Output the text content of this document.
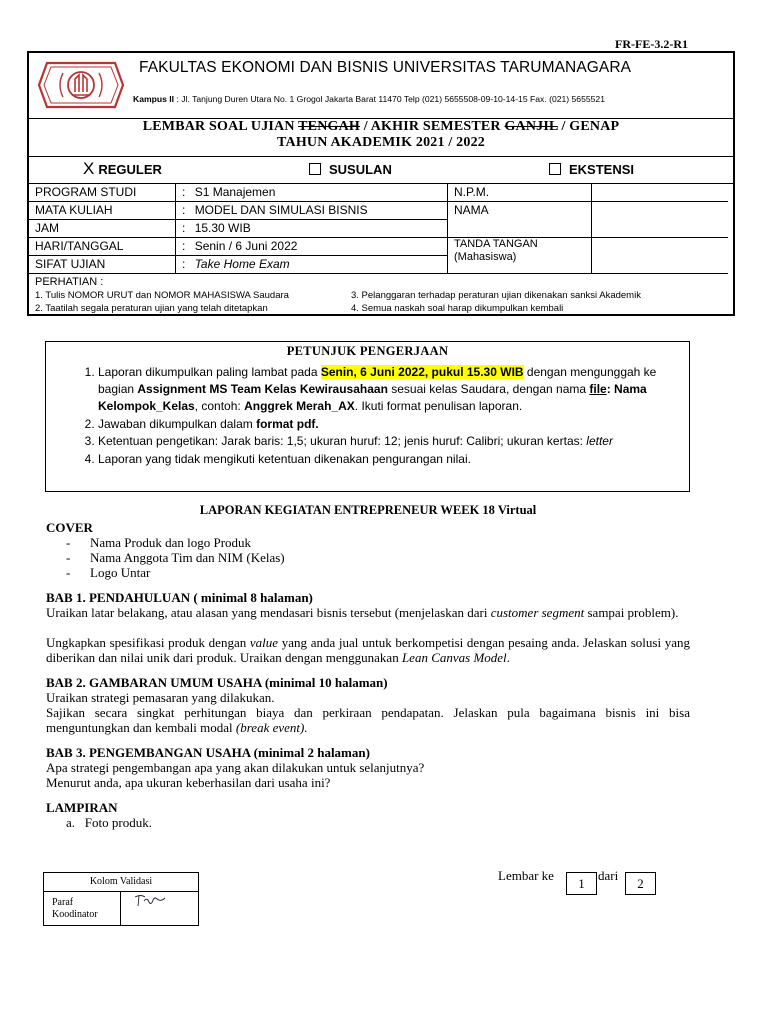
FR-FE-3.2-R1
FAKULTAS EKONOMI DAN BISNIS UNIVERSITAS TARUMANAGARA
Kampus II : Jl. Tanjung Duren Utara No. 1 Grogol Jakarta Barat 11470 Telp (021) 5655508-09-10-14-15 Fax. (021) 5655521
LEMBAR SOAL UJIAN TENGAH / AKHIR SEMESTER GANJIL / GENAP
TAHUN AKADEMIK 2021 / 2022
X REGULER	SUSULAN	EKSTENSI
PROGRAM STUDI	: S1 Manajemen	N.P.M.	
MATA KULIAH	: MODEL DAN SIMULASI BISNIS	NAMA	
JAM	: 15.30 WIB		
HARI/TANGGAL	: Senin / 6 Juni 2022	TANDA TANGAN
(Mahasiswa)	
SIFAT UJIAN	: Take Home Exam		
PERHATIAN :
1. Tulis NOMOR URUT dan NOMOR MAHASISWA Saudara
2. Taatilah segala peraturan ujian yang telah ditetapkan
3. Pelanggaran terhadap peraturan ujian dikenakan sanksi Akademik
4. Semua naskah soal harap dikumpulkan kembali
PETUNJUK PENGERJAAN
1. Laporan dikumpulkan paling lambat pada Senin, 6 Juni 2022, pukul 15.30 WIB dengan mengunggah ke bagian Assignment MS Team Kelas Kewirausahaan sesuai kelas Saudara, dengan nama file: Nama Kelompok_Kelas, contoh: Anggrek Merah_AX. Ikuti format penulisan laporan.
2. Jawaban dikumpulkan dalam format pdf.
3. Ketentuan pengetikan: Jarak baris: 1,5; ukuran huruf: 12; jenis huruf: Calibri; ukuran kertas: letter
4. Laporan yang tidak mengikuti ketentuan dikenakan pengurangan nilai.

LAPORAN KEGIATAN ENTREPRENEUR WEEK 18 Virtual

COVER

- Nama Produk dan logo Produk
- Nama Anggota Tim dan NIM (Kelas)
- Logo Untar

BAB 1. PENDAHULUAN ( minimal 8 halaman)

Uraikan latar belakang, atau alasan yang mendasari bisnis tersebut (menjelaskan dari customer segment sampai problem).

Ungkapkan spesifikasi produk dengan value yang anda jual untuk berkompetisi dengan pesaing anda. Jelaskan solusi yang diberikan dan nilai unik dari produk. Uraikan dengan menggunakan Lean Canvas Model.

BAB 2. GAMBARAN UMUM USAHA (minimal 10 halaman)

Uraikan strategi pemasaran yang dilakukan.

Sajikan secara singkat perhitungan biaya dan perkiraan pendapatan. Jelaskan pula bagaimana bisnis ini bisa menguntungkan dan kembali modal (break event).

BAB 3. PENGEMBANGAN USAHA (minimal 2 halaman)

Apa strategi pengembangan apa yang akan dilakukan untuk selanjutnya?

Menurut anda, apa ukuran keberhasilan dari usaha ini?

LAMPIRAN

a.   Foto produk.

Kolom Validasi
Paraf
Koodinator
Lembar ke
1
dari
2
